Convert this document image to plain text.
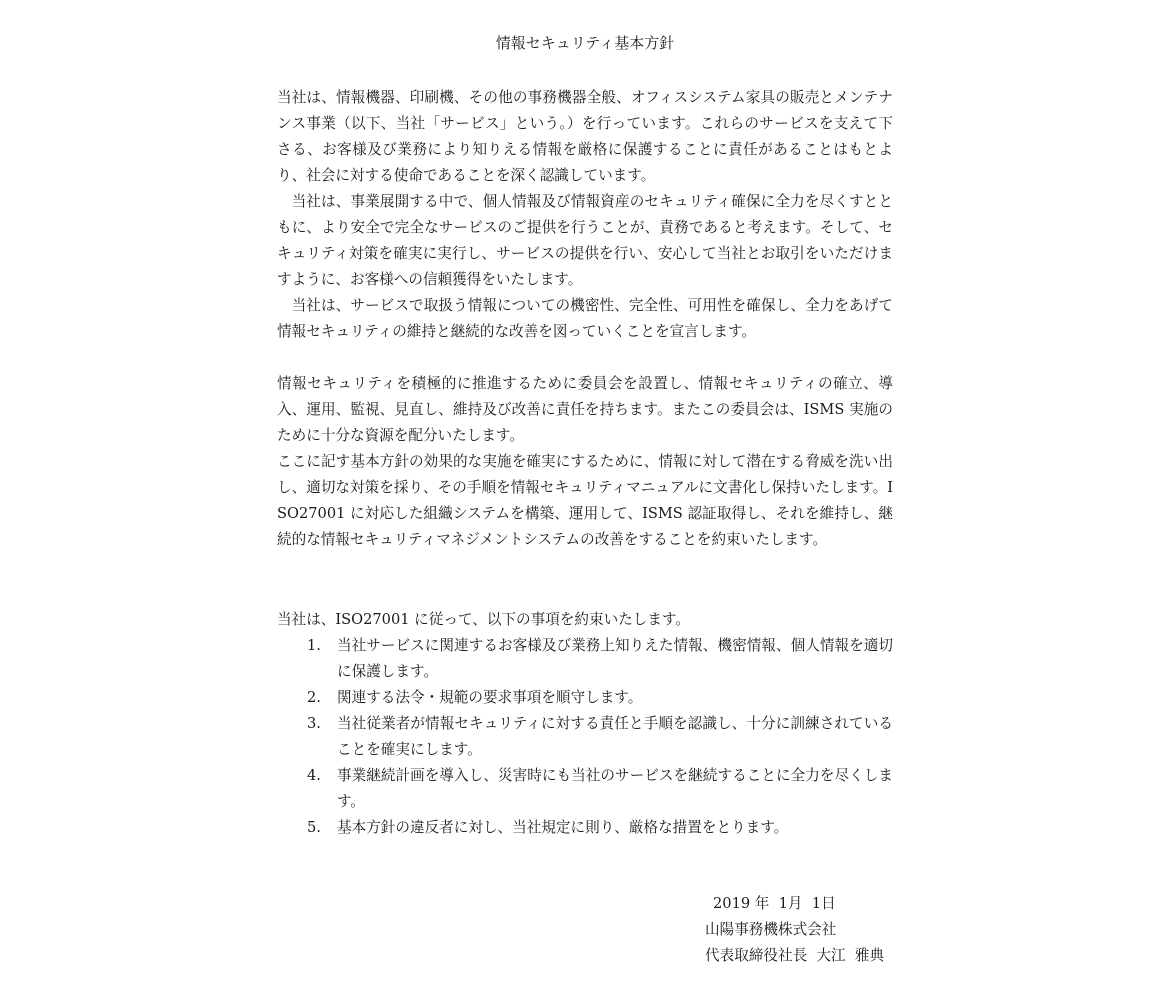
情報セキュリティ基本方針
当社は、情報機器、印刷機、その他の事務機器全般、オフィスシステム家具の販売とメンテナンス事業（以下、当社「サービス」という。）を行っています。これらのサービスを支えて下さる、お客様及び業務により知りえる情報を厳格に保護することに責任があることはもとより、社会に対する使命であることを深く認識しています。
当社は、事業展開する中で、個人情報及び情報資産のセキュリティ確保に全力を尽くすとともに、より安全で完全なサービスのご提供を行うことが、責務であると考えます。そして、セキュリティ対策を確実に実行し、サービスの提供を行い、安心して当社とお取引をいただけますように、お客様への信頼獲得をいたします。
当社は、サービスで取扱う情報についての機密性、完全性、可用性を確保し、全力をあげて情報セキュリティの維持と継続的な改善を図っていくことを宣言します。
情報セキュリティを積極的に推進するために委員会を設置し、情報セキュリティの確立、導入、運用、監視、見直し、維持及び改善に責任を持ちます。またこの委員会は、ISMS 実施のために十分な資源を配分いたします。
ここに記す基本方針の効果的な実施を確実にするために、情報に対して潜在する脅威を洗い出し、適切な対策を採り、その手順を情報セキュリティマニュアルに文書化し保持いたします。ISO27001 に対応した組織システムを構築、運用して、ISMS 認証取得し、それを維持し、継続的な情報セキュリティマネジメントシステムの改善をすることを約束いたします。
当社は、ISO27001 に従って、以下の事項を約束いたします。
1. 当社サービスに関連するお客様及び業務上知りえた情報、機密情報、個人情報を適切に保護します。
2. 関連する法令・規範の要求事項を順守します。
3. 当社従業者が情報セキュリティに対する責任と手順を認識し、十分に訓練されていることを確実にします。
4. 事業継続計画を導入し、災害時にも当社のサービスを継続することに全力を尽くします。
5. 基本方針の違反者に対し、当社規定に則り、厳格な措置をとります。
2019 年  1月  1日
山陽事務機株式会社
代表取締役社長  大江  雅典
